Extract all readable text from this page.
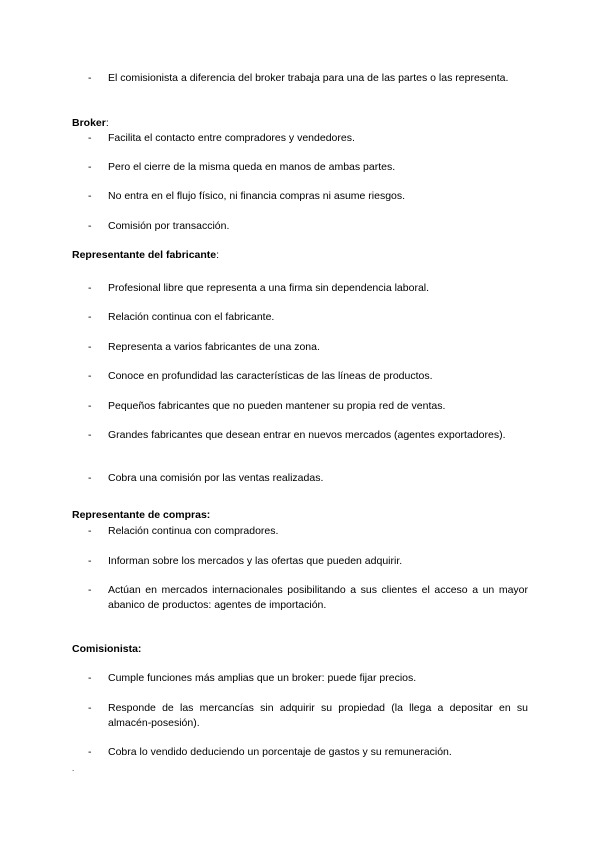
- El comisionista a diferencia del broker trabaja para una de las partes o las representa.
Broker:
- Facilita el contacto entre compradores y vendedores.
- Pero el cierre de la misma queda en manos de ambas partes.
- No entra en el flujo físico, ni financia compras ni asume riesgos.
- Comisión por transacción.
Representante del fabricante:
- Profesional libre que representa a una firma sin dependencia laboral.
- Relación continua con el fabricante.
- Representa a varios fabricantes de una zona.
- Conoce en profundidad las características de las líneas de productos.
- Pequeños fabricantes que no pueden mantener su propia red de ventas.
- Grandes fabricantes que desean entrar en nuevos mercados (agentes exportadores).
- Cobra una comisión por las ventas realizadas.
Representante de compras:
- Relación continua con compradores.
- Informan sobre los mercados y las ofertas que pueden adquirir.
- Actúan en mercados internacionales posibilitando a sus clientes el acceso a un mayor abanico de productos: agentes de importación.
Comisionista:
- Cumple funciones más amplias que un broker: puede fijar precios.
- Responde de las mercancías sin adquirir su propiedad (la llega a depositar en su almacén-posesión).
- Cobra lo vendido deduciendo un porcentaje de gastos y su remuneración.
.
